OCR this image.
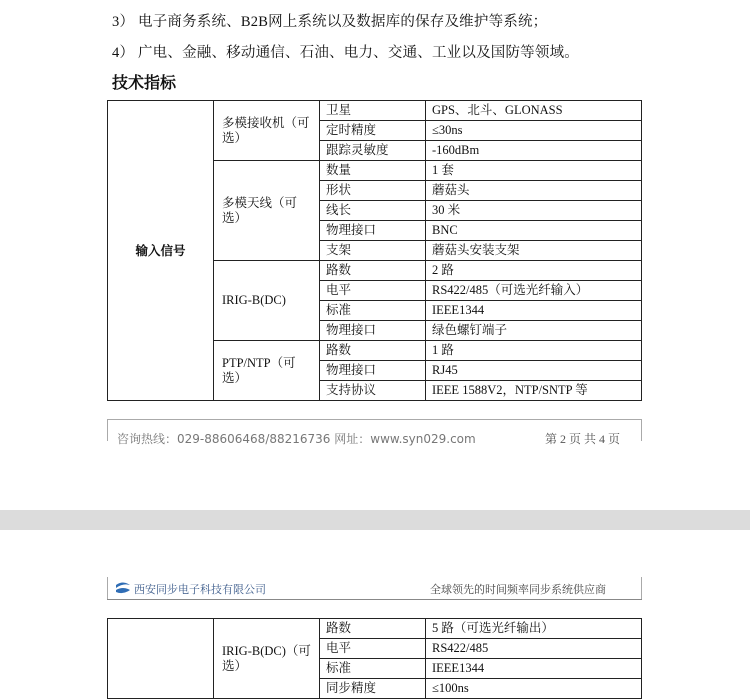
3） 电子商务系统、B2B网上系统以及数据库的保存及维护等系统；
4） 广电、金融、移动通信、石油、电力、交通、工业以及国防等领域。
技术指标
输入信号	多模接收机（可选）	卫星	GPS、北斗、GLONASS
		定时精度	≤30ns
		跟踪灵敏度	-160dBm
	多模天线（可选）	数量	1 套
		形状	蘑菇头
		线长	30 米
		物理接口	BNC
		支架	蘑菇头安装支架
	IRIG-B(DC)	路数	2 路
		电平	RS422/485（可选光纤输入）
		标准	IEEE1344
		物理接口	绿色螺钉端子
	PTP/NTP（可选）	路数	1 路
		物理接口	RJ45
		支持协议	IEEE 1588V2，NTP/SNTP 等
咨询热线：029-88606468/88216736 网址：www.syn029.com	第 2 页 共 4 页
西安同步电子科技有限公司	全球领先的时间频率同步系统供应商
	IRIG-B(DC)（可选）	路数	5 路（可选光纤输出）
		电平	RS422/485
		标准	IEEE1344
		同步精度	≤100ns
